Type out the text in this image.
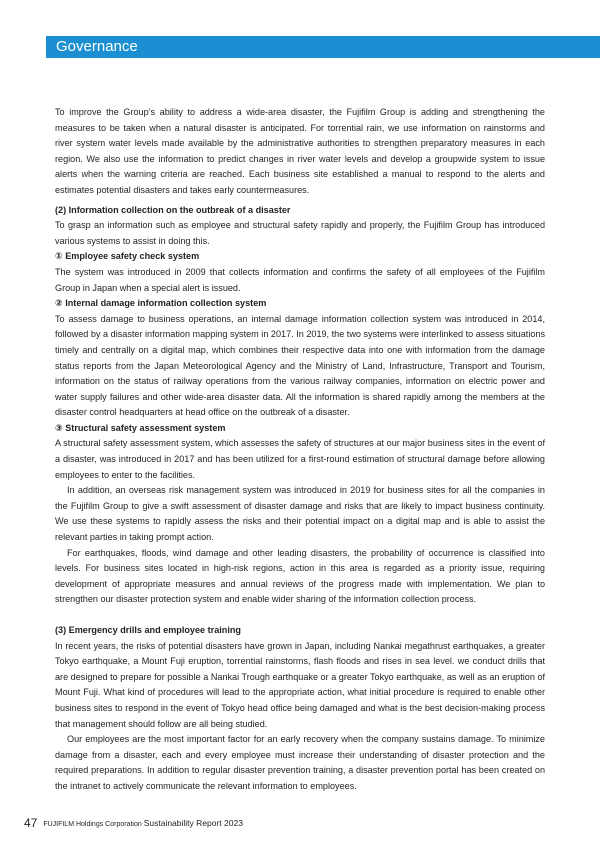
Governance

To improve the Group’s ability to address a wide-area disaster, the Fujifilm Group is adding and strengthening the measures to be taken when a natural disaster is anticipated. For torrential rain, we use information on rainstorms and river system water levels made available by the administrative authorities to strengthen preparatory measures in each region. We also use the information to predict changes in river water levels and develop a groupwide system to issue alerts when the warning criteria are reached. Each business site established a manual to respond to the alerts and estimates potential disasters and takes early countermeasures.

(2) Information collection on the outbreak of a disaster

To grasp an information such as employee and structural safety rapidly and properly, the Fujifilm Group has introduced various systems to assist in doing this.

① Employee safety check system

The system was introduced in 2009 that collects information and confirms the safety of all employees of the Fujifilm Group in Japan when a special alert is issued.

② Internal damage information collection system

To assess damage to business operations, an internal damage information collection system was introduced in 2014, followed by a disaster information mapping system in 2017. In 2019, the two systems were interlinked to assess situations timely and centrally on a digital map, which combines their respective data into one with information from the damage status reports from the Japan Meteorological Agency and the Ministry of Land, Infrastructure, Transport and Tourism, information on the status of railway operations from the various railway companies, information on electric power and water supply failures and other wide-area disaster data. All the information is shared rapidly among the members at the disaster control headquarters at head office on the outbreak of a disaster.

③ Structural safety assessment system

A structural safety assessment system, which assesses the safety of structures at our major business sites in the event of a disaster, was introduced in 2017 and has been utilized for a first-round estimation of structural damage before allowing employees to enter to the facilities.

In addition, an overseas risk management system was introduced in 2019 for business sites for all the companies in the Fujifilm Group to give a swift assessment of disaster damage and risks that are likely to impact business continuity. We use these systems to rapidly assess the risks and their potential impact on a digital map and is able to assist the relevant parties in taking prompt action.

For earthquakes, floods, wind damage and other leading disasters, the probability of occurrence is classified into levels. For business sites located in high-risk regions, action in this area is regarded as a priority issue, requiring development of appropriate measures and annual reviews of the progress made with implementation. We plan to strengthen our disaster protection system and enable wider sharing of the information collection process.

(3) Emergency drills and employee training

In recent years, the risks of potential disasters have grown in Japan, including Nankai megathrust earthquakes, a greater Tokyo earthquake, a Mount Fuji eruption, torrential rainstorms, flash floods and rises in sea level. we conduct drills that are designed to prepare for possible a Nankai Trough earthquake or a greater Tokyo earthquake, as well as an eruption of Mount Fuji. What kind of procedures will lead to the appropriate action, what initial procedure is required to enable other business sites to respond in the event of Tokyo head office being damaged and what is the best decision-making process that management should follow are all being studied.

Our employees are the most important factor for an early recovery when the company sustains damage. To minimize damage from a disaster, each and every employee must increase their understanding of disaster protection and the required preparations. In addition to regular disaster prevention training, a disaster prevention portal has been created on the intranet to actively communicate the relevant information to employees.

47 FUJIFILM Holdings Corporation Sustainability Report 2023
